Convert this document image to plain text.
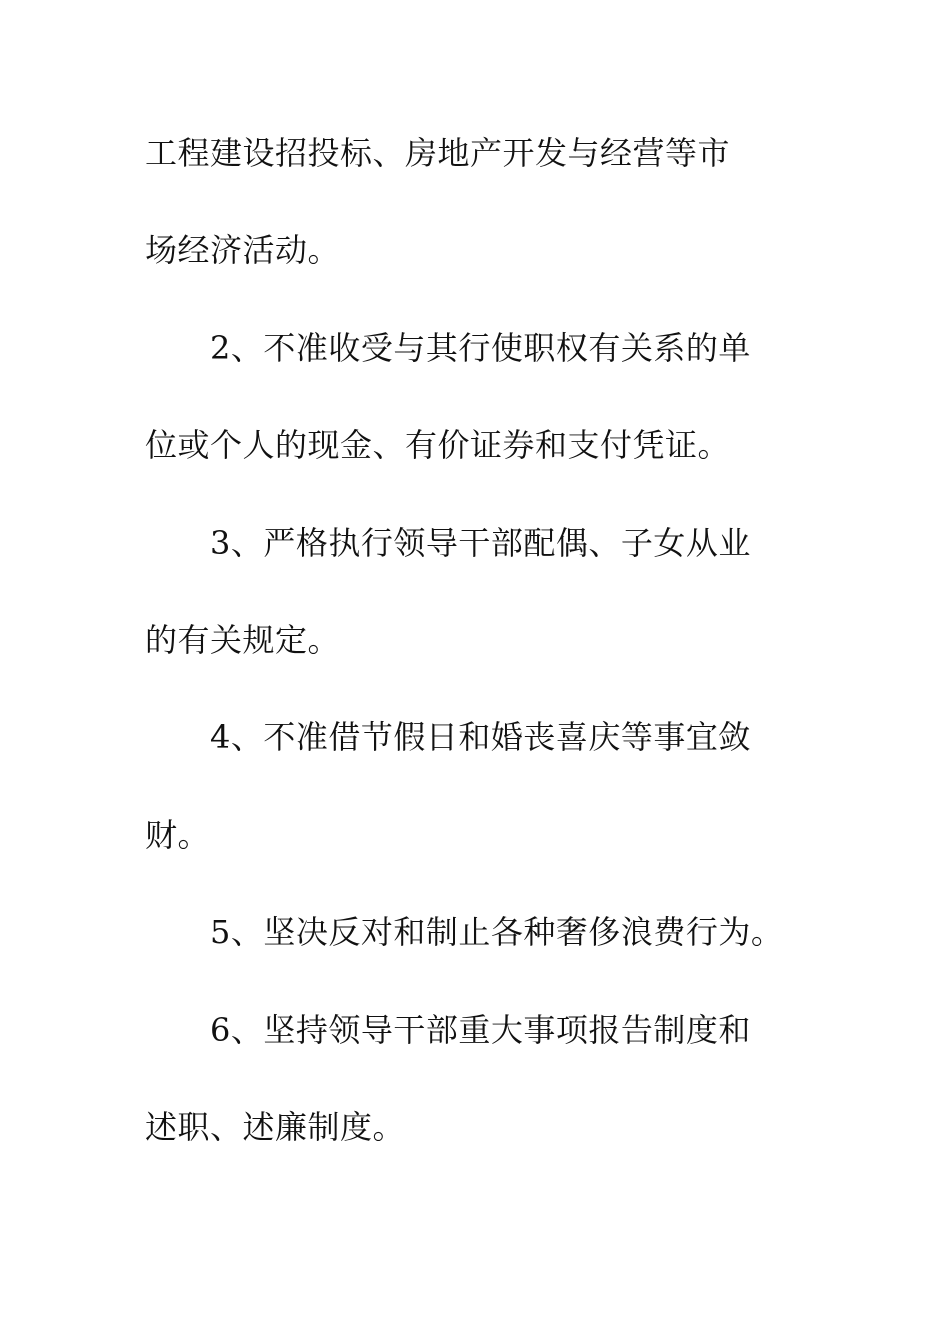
工程建设招投标、房地产开发与经营等市
场经济活动。
2、不准收受与其行使职权有关系的单
位或个人的现金、有价证券和支付凭证。
3、严格执行领导干部配偶、子女从业
的有关规定。
4、不准借节假日和婚丧喜庆等事宜敛
财。
5、坚决反对和制止各种奢侈浪费行为。
6、坚持领导干部重大事项报告制度和
述职、述廉制度。
